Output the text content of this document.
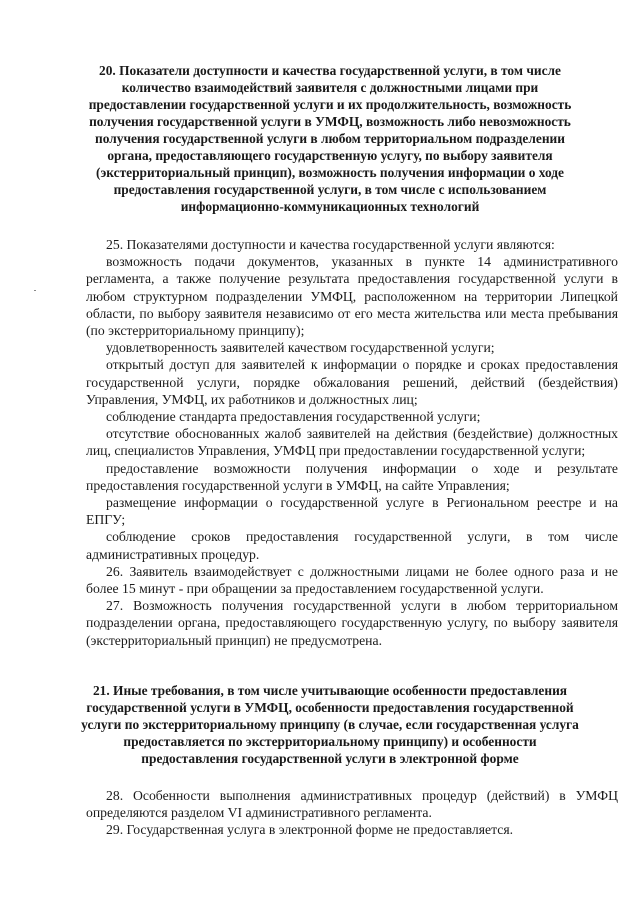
20. Показатели доступности и качества государственной услуги, в том числе количество взаимодействий заявителя с должностными лицами при предоставлении государственной услуги и их продолжительность, возможность получения государственной услуги в УМФЦ, возможность либо невозможность получения государственной услуги в любом территориальном подразделении органа, предоставляющего государственную услугу, по выбору заявителя (экстерриториальный принцип), возможность получения информации о ходе предоставления государственной услуги, в том числе с использованием информационно-коммуникационных технологий

25. Показателями доступности и качества государственной услуги являются:

возможность подачи документов, указанных в пункте 14 административного регламента, а также получение результата предоставления государственной услуги в любом структурном подразделении УМФЦ, расположенном на территории Липецкой области, по выбору заявителя независимо от его места жительства или места пребывания (по экстерриториальному принципу);

удовлетворенность заявителей качеством государственной услуги;

открытый доступ для заявителей к информации о порядке и сроках предоставления государственной услуги, порядке обжалования решений, действий (бездействия) Управления, УМФЦ, их работников и должностных лиц;

соблюдение стандарта предоставления государственной услуги;

отсутствие обоснованных жалоб заявителей на действия (бездействие) должностных лиц, специалистов Управления, УМФЦ при предоставлении государственной услуги;

предоставление возможности получения информации о ходе и результате предоставления государственной услуги в УМФЦ, на сайте Управления;

размещение информации о государственной услуге в Региональном реестре и на ЕПГУ;

соблюдение сроков предоставления государственной услуги, в том числе административных процедур.

26. Заявитель взаимодействует с должностными лицами не более одного раза и не более 15 минут - при обращении за предоставлением государственной услуги.

27. Возможность получения государственной услуги в любом территориальном подразделении органа, предоставляющего государственную услугу, по выбору заявителя (экстерриториальный принцип) не предусмотрена.

21. Иные требования, в том числе учитывающие особенности предоставления государственной услуги в УМФЦ, особенности предоставления государственной услуги по экстерриториальному принципу (в случае, если государственная услуга предоставляется по экстерриториальному принципу) и особенности предоставления государственной услуги в электронной форме

28. Особенности выполнения административных процедур (действий) в УМФЦ определяются разделом VI административного регламента.

29. Государственная услуга в электронной форме не предоставляется.
